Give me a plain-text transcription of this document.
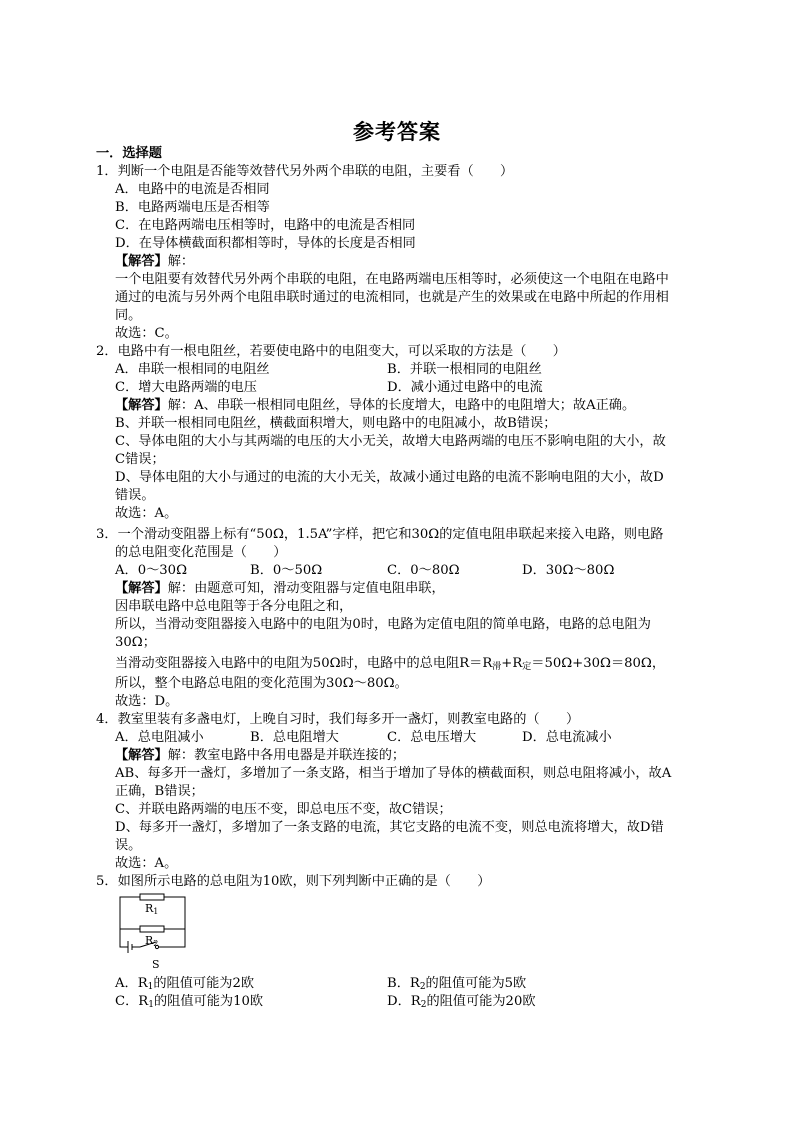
参考答案
一．选择题
1．判断一个电阻是否能等效替代另外两个串联的电阻，主要看（　　）
A．电路中的电流是否相同
B．电路两端电压是否相等
C．在电路两端电压相等时，电路中的电流是否相同
D．在导体横截面积都相等时，导体的长度是否相同
【解答】解：
一个电阻要有效替代另外两个串联的电阻，在电路两端电压相等时，必须使这一个电阻在电路中
通过的电流与另外两个电阻串联时通过的电流相同，也就是产生的效果或在电路中所起的作用相
同。
故选：C。
2．电路中有一根电阻丝，若要使电路中的电阻变大，可以采取的方法是（　　）
A．串联一根相同的电阻丝	B．并联一根相同的电阻丝
C．增大电路两端的电压	D．减小通过电路中的电流
【解答】解：A、串联一根相同电阻丝，导体的长度增大，电路中的电阻增大；故A正确。
B、并联一根相同电阻丝，横截面积增大，则电路中的电阻减小，故B错误；
C、导体电阻的大小与其两端的电压的大小无关，故增大电路两端的电压不影响电阻的大小，故
C错误；
D、导体电阻的大小与通过的电流的大小无关，故减小通过电路的电流不影响电阻的大小，故D
错误。
故选：A。
3．一个滑动变阻器上标有“50Ω，1.5A”字样，把它和30Ω的定值电阻串联起来接入电路，则电路
的总电阻变化范围是（　　）
A．0～30Ω	B．0～50Ω	C．0～80Ω	D．30Ω～80Ω
【解答】解：由题意可知，滑动变阻器与定值电阻串联，
因串联电路中总电阻等于各分电阻之和，
所以，当滑动变阻器接入电路中的电阻为0时，电路为定值电阻的简单电路，电路的总电阻为
30Ω；
当滑动变阻器接入电路中的电阻为50Ω时，电路中的总电阻$R=R_滑+R_定=50\Omega+30\Omega=80\Omega$，
所以，整个电路总电阻的变化范围为30Ω～80Ω。
故选：D。
4．教室里装有多盏电灯，上晚自习时，我们每多开一盏灯，则教室电路的（　　）
A．总电阻减小	B．总电阻增大	C．总电压增大	D．总电流减小
【解答】解：教室电路中各用电器是并联连接的；
AB、每多开一盏灯，多增加了一条支路，相当于增加了导体的横截面积，则总电阻将减小，故A
正确，B错误；
C、并联电路两端的电压不变，即总电压不变，故C错误；
D、每多开一盏灯，多增加了一条支路的电流，其它支路的电流不变，则总电流将增大，故D错
误。
故选：A。
5．如图所示电路的总电阻为10欧，则下列判断中正确的是（　　）
R1
R2
S
A．$R_1$的阻值可能为2欧	B．$R_2$的阻值可能为5欧
C．$R_1$的阻值可能为10欧	D．$R_2$的阻值可能为20欧
